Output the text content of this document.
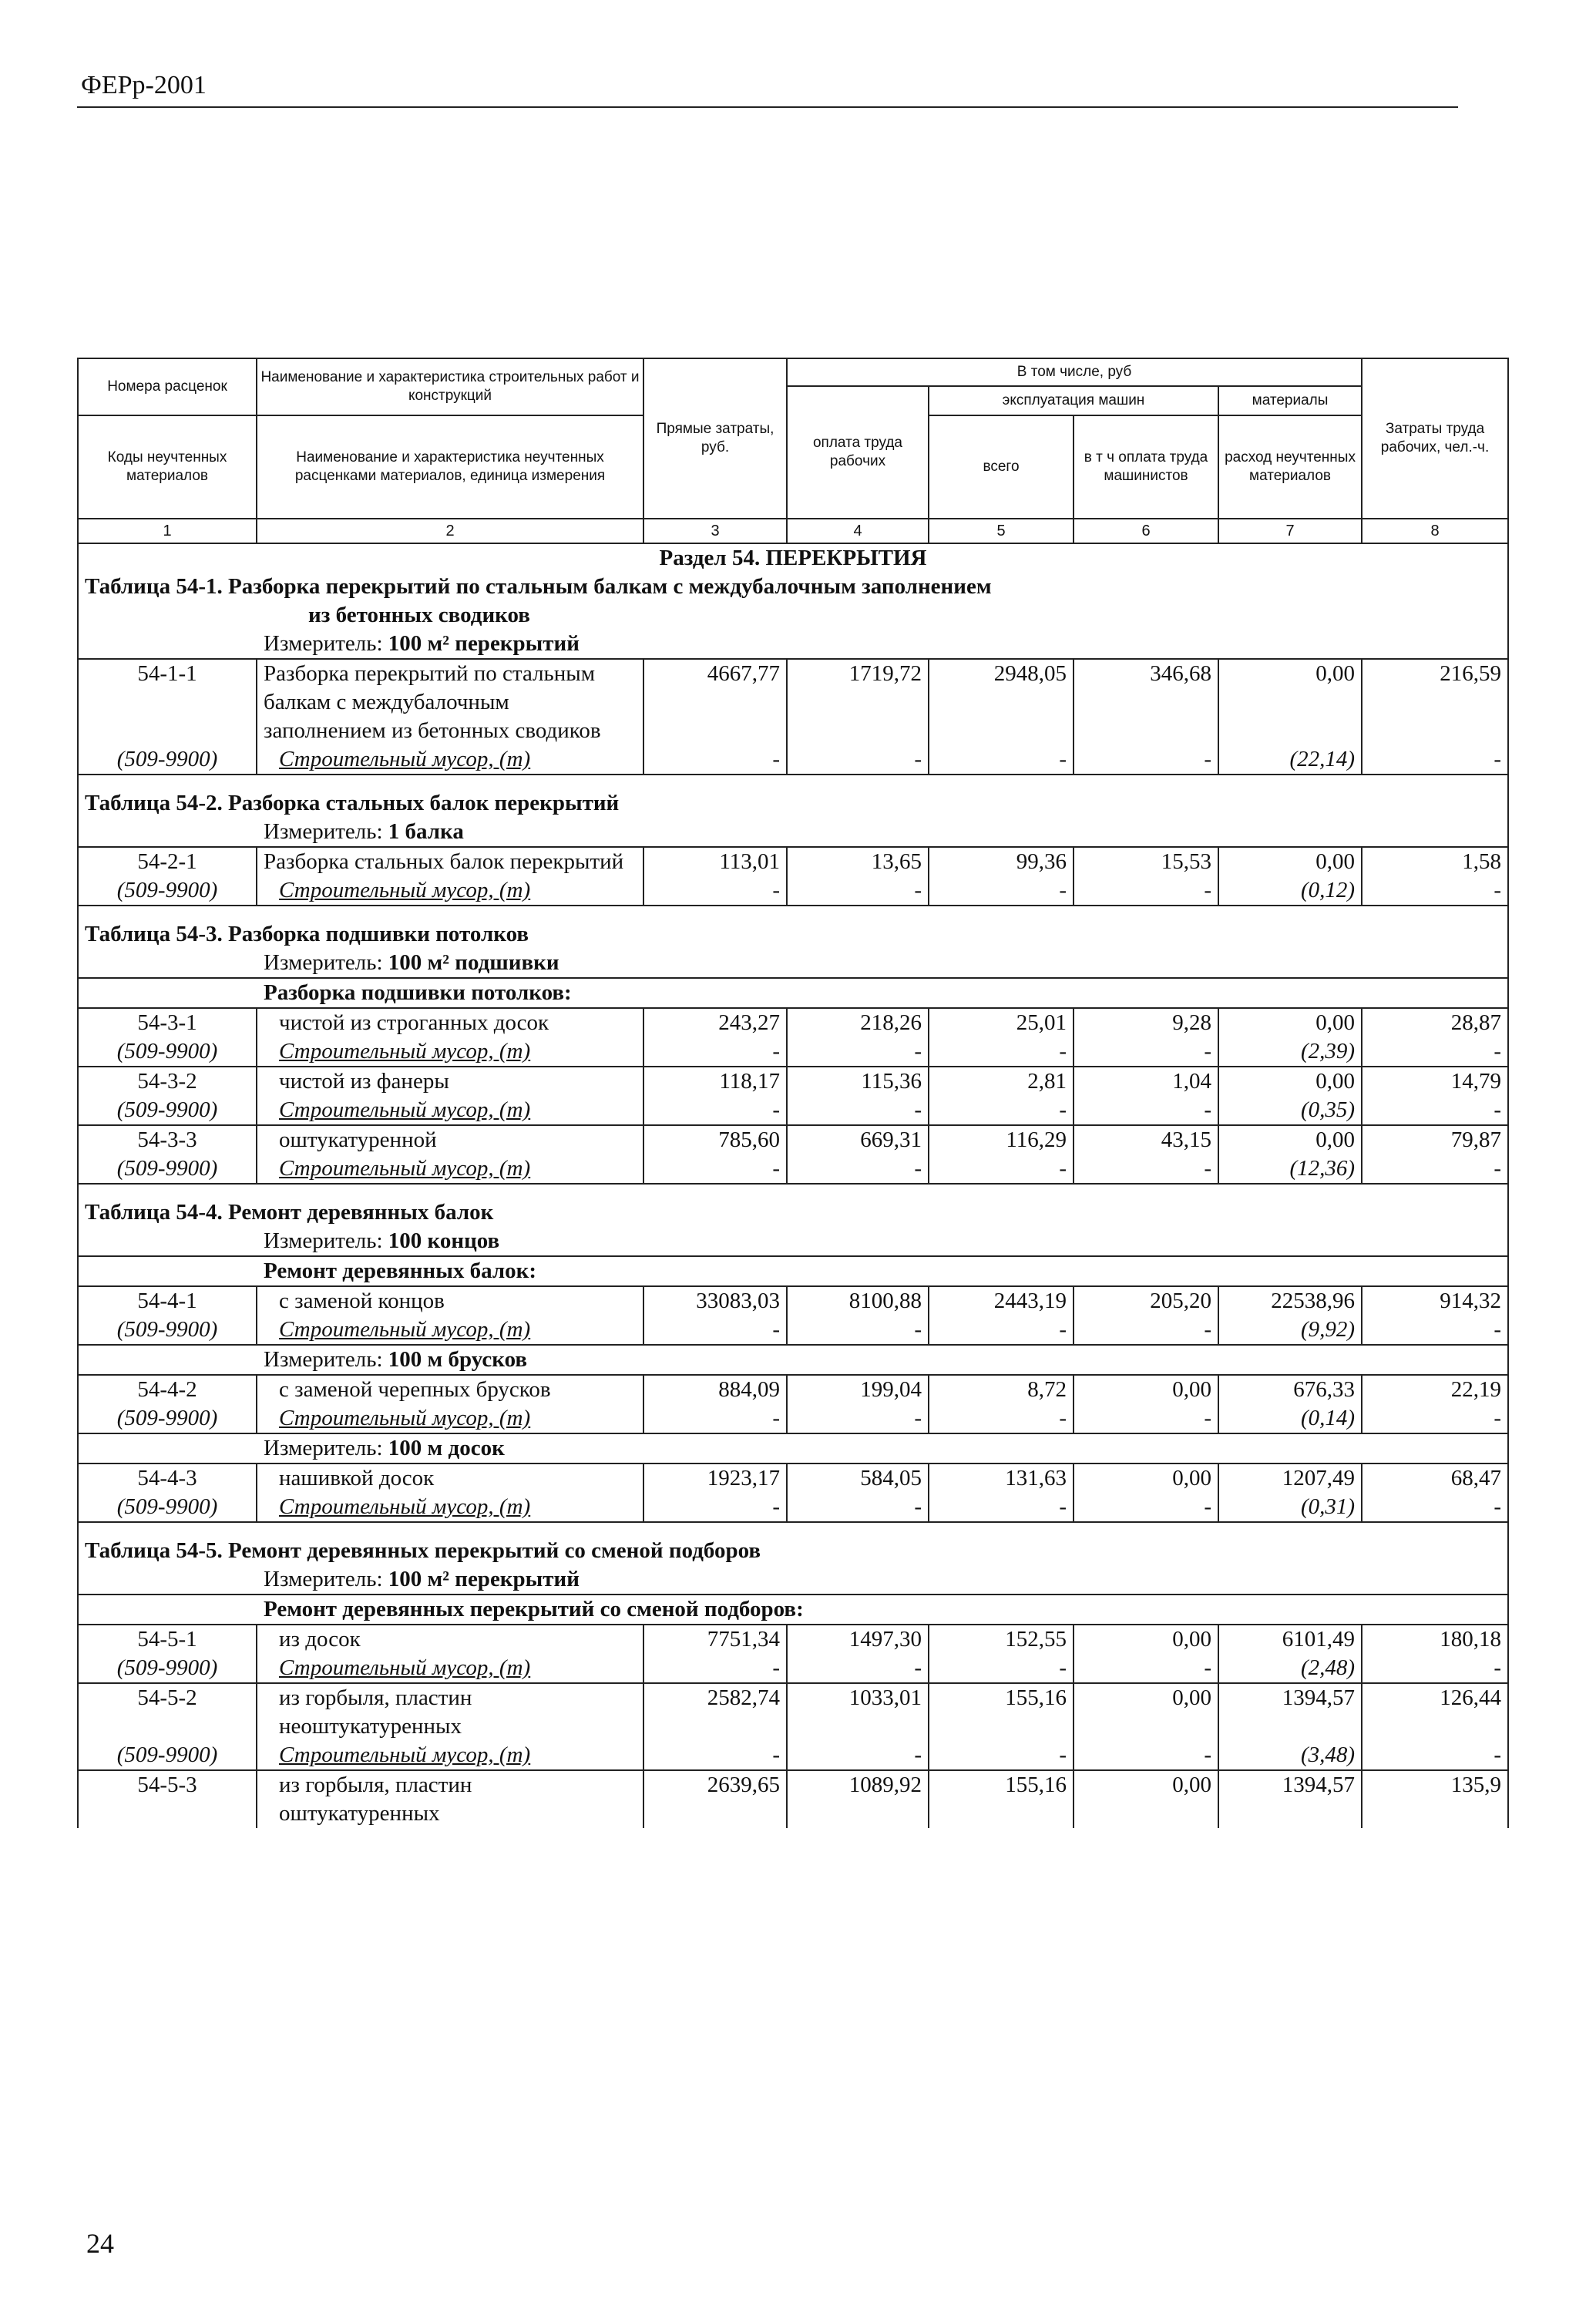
ФЕРр-2001
Номера расценок	Наименование и характеристика строительных работ и конструкций	Прямые затраты, руб.	В том числе, руб				Затраты труда рабочих, чел.-ч.
			оплата труда рабочих	эксплуатация машин		материалы	
Коды неучтенных материалов	Наименование и характеристика неучтенных расценками материалов, единица измерения			всего	в т ч оплата труда машинистов	расход неучтенных материалов	
1	2	3	4	5	6	7	8
Раздел 54. ПЕРЕКРЫТИЯ							
Таблица 54-1. Разборка перекрытий по стальным балкам с междубалочным заполнением
из бетонных сводиков							

Измеритель: 100 м² перекрытий							
54-1-1	Разборка перекрытий по стальным балкам с междубалочным заполнением из бетонных сводиков	4667,77	1719,72	2948,05	346,68	0,00	216,59
(509-9900)	Строительный мусор, (т)	-	-	-	-	(22,14)	-

Таблица 54-2. Разборка стальных балок перекрытий							
Измеритель: 1 балка							
54-2-1	Разборка стальных балок перекрытий	113,01	13,65	99,36	15,53	0,00	1,58
(509-9900)	Строительный мусор, (т)	-	-	-	-	(0,12)	-

Таблица 54-3. Разборка подшивки потолков							
Измеритель: 100 м² подшивки							
Разборка подшивки потолков:							
54-3-1	чистой из строганных досок	243,27	218,26	25,01	9,28	0,00	28,87
(509-9900)	Строительный мусор, (т)	-	-	-	-	(2,39)	-
54-3-2	чистой из фанеры	118,17	115,36	2,81	1,04	0,00	14,79
(509-9900)	Строительный мусор, (т)	-	-	-	-	(0,35)	-
54-3-3	оштукатуренной	785,60	669,31	116,29	43,15	0,00	79,87
(509-9900)	Строительный мусор, (т)	-	-	-	-	(12,36)	-

Таблица 54-4. Ремонт деревянных балок							
Измеритель: 100 концов							
Ремонт деревянных балок:							
54-4-1	с заменой концов	33083,03	8100,88	2443,19	205,20	22538,96	914,32
(509-9900)	Строительный мусор, (т)	-	-	-	-	(9,92)	-
Измеритель: 100 м брусков							
54-4-2	с заменой черепных брусков	884,09	199,04	8,72	0,00	676,33	22,19
(509-9900)	Строительный мусор, (т)	-	-	-	-	(0,14)	-
Измеритель: 100 м досок							
54-4-3	нашивкой досок	1923,17	584,05	131,63	0,00	1207,49	68,47
(509-9900)	Строительный мусор, (т)	-	-	-	-	(0,31)	-

Таблица 54-5. Ремонт деревянных перекрытий со сменой подборов							
Измеритель: 100 м² перекрытий							
Ремонт деревянных перекрытий со сменой подборов:							
54-5-1	из досок	7751,34	1497,30	152,55	0,00	6101,49	180,18
(509-9900)	Строительный мусор, (т)	-	-	-	-	(2,48)	-
54-5-2	из горбыля, пластин неоштукатуренных	2582,74	1033,01	155,16	0,00	1394,57	126,44
(509-9900)	Строительный мусор, (т)	-	-	-	-	(3,48)	-
54-5-3	из горбыля, пластин оштукатуренных	2639,65	1089,92	155,16	0,00	1394,57	135,9
24
